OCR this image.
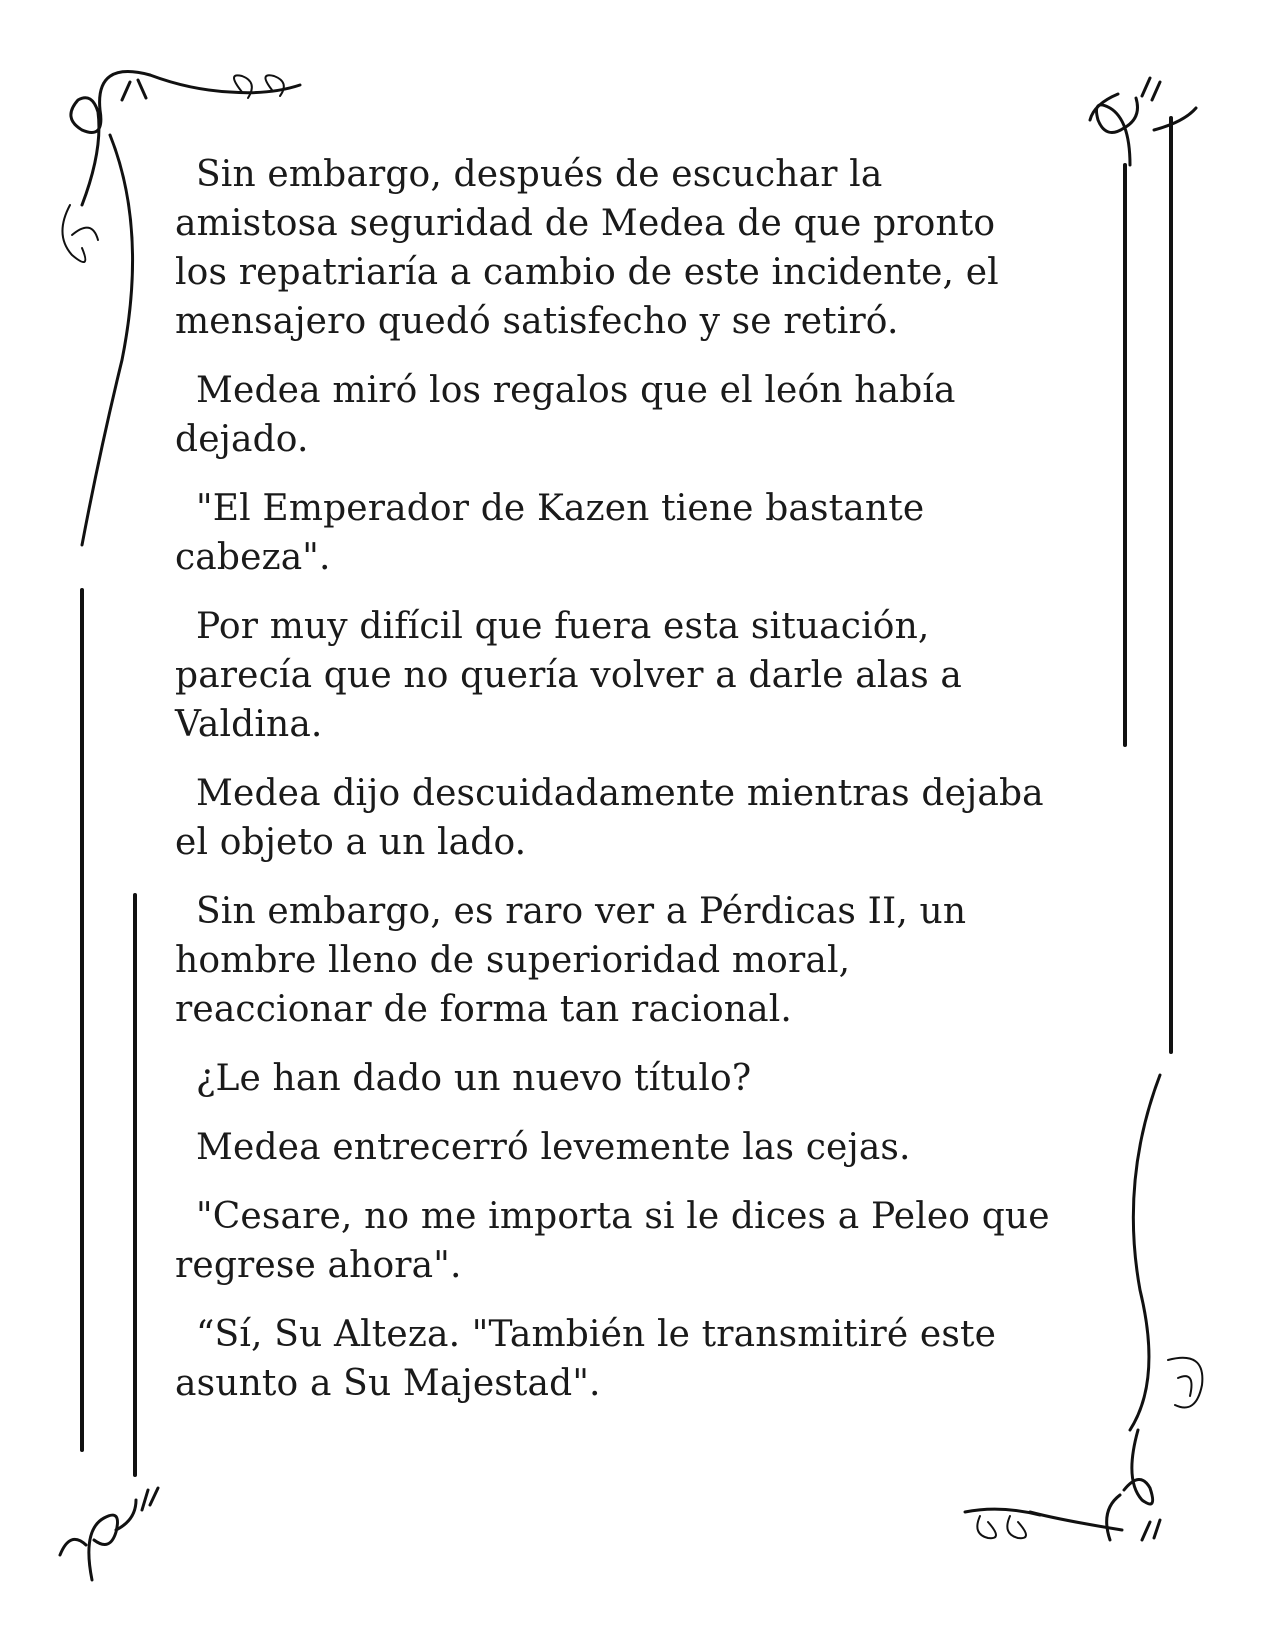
Sin embargo, después de escuchar la
amistosa seguridad de Medea de que pronto
los repatriaría a cambio de este incidente, el
mensajero quedó satisfecho y se retiró.

Medea miró los regalos que el león había
dejado.

"El Emperador de Kazen tiene bastante
cabeza".

Por muy difícil que fuera esta situación,
parecía que no quería volver a darle alas a
Valdina.

Medea dijo descuidadamente mientras dejaba
el objeto a un lado.

Sin embargo, es raro ver a Pérdicas II, un
hombre lleno de superioridad moral,
reaccionar de forma tan racional.

¿Le han dado un nuevo título?

Medea entrecerró levemente las cejas.

"Cesare, no me importa si le dices a Peleo que
regrese ahora".

“Sí, Su Alteza. "También le transmitiré este
asunto a Su Majestad".
